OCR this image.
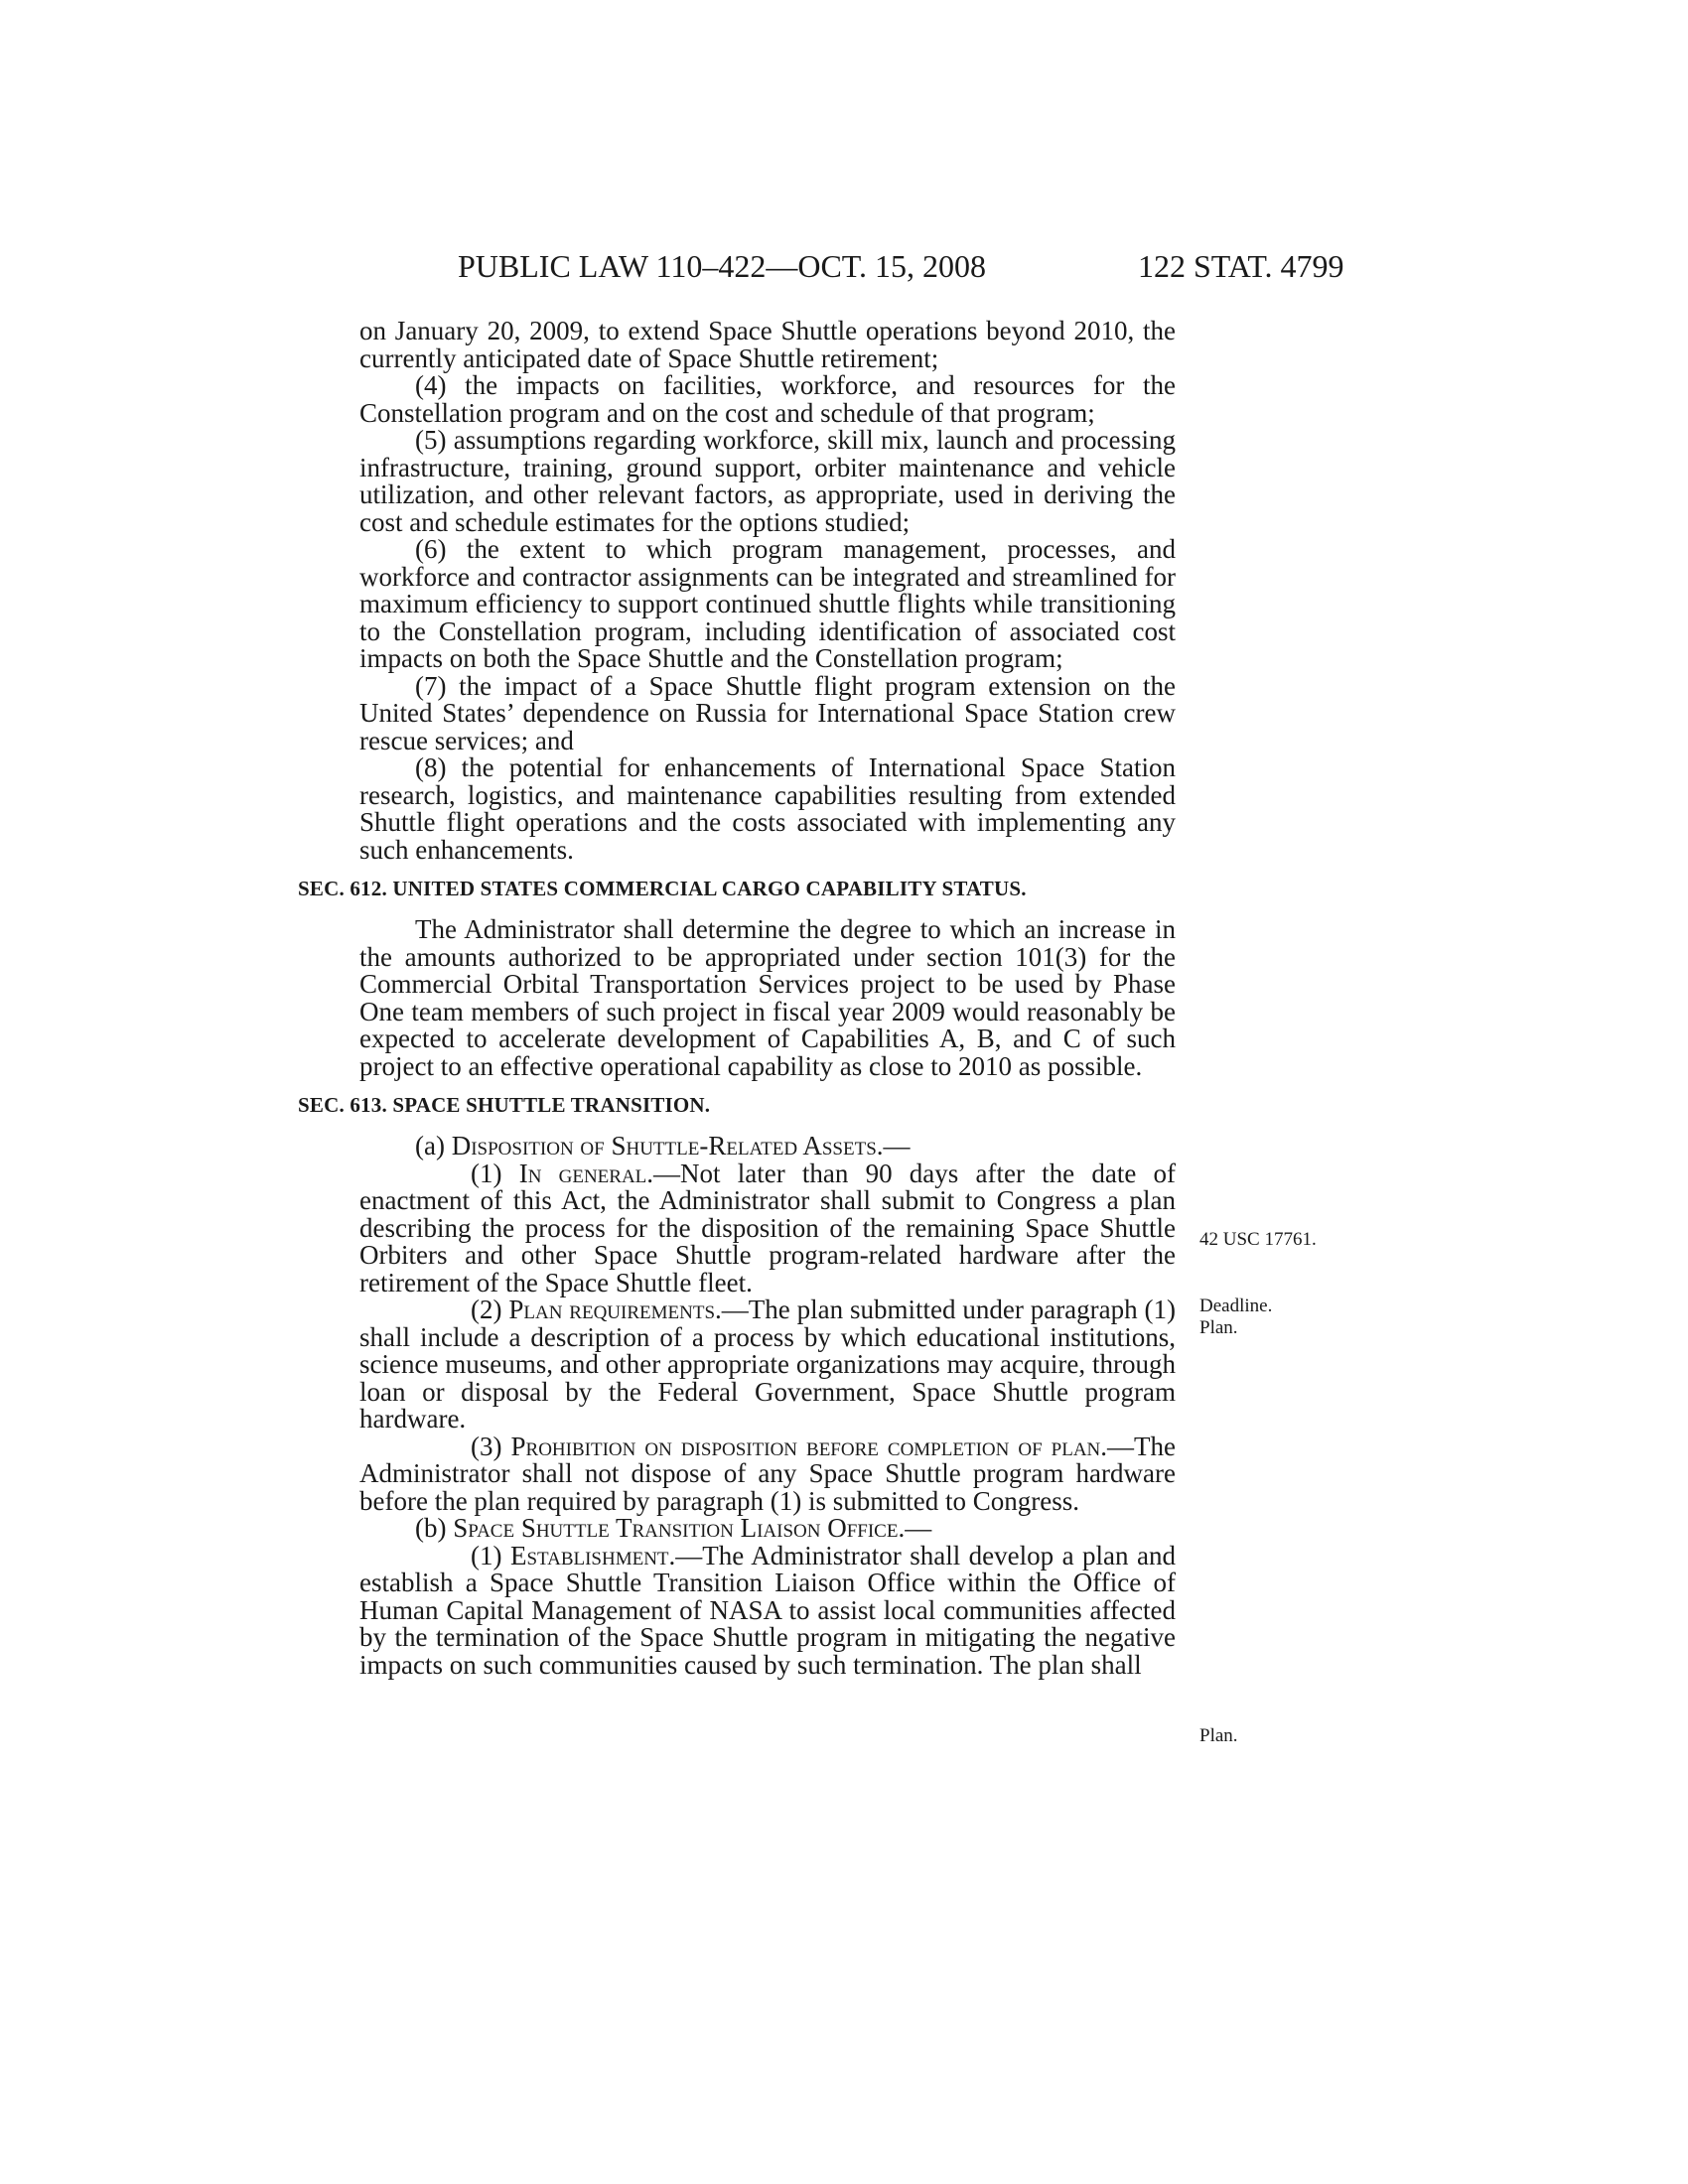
PUBLIC LAW 110–422—OCT. 15, 2008	122 STAT. 4799

on January 20, 2009, to extend Space Shuttle operations beyond 2010, the currently anticipated date of Space Shuttle retirement;

(4) the impacts on facilities, workforce, and resources for the Constellation program and on the cost and schedule of that program;

(5) assumptions regarding workforce, skill mix, launch and processing infrastructure, training, ground support, orbiter maintenance and vehicle utilization, and other relevant factors, as appropriate, used in deriving the cost and schedule estimates for the options studied;

(6) the extent to which program management, processes, and workforce and contractor assignments can be integrated and streamlined for maximum efficiency to support continued shuttle flights while transitioning to the Constellation program, including identification of associated cost impacts on both the Space Shuttle and the Constellation program;

(7) the impact of a Space Shuttle flight program extension on the United States’ dependence on Russia for International Space Station crew rescue services; and

(8) the potential for enhancements of International Space Station research, logistics, and maintenance capabilities resulting from extended Shuttle flight operations and the costs associated with implementing any such enhancements.

SEC. 612. UNITED STATES COMMERCIAL CARGO CAPABILITY STATUS.

The Administrator shall determine the degree to which an increase in the amounts authorized to be appropriated under section 101(3) for the Commercial Orbital Transportation Services project to be used by Phase One team members of such project in fiscal year 2009 would reasonably be expected to accelerate development of Capabilities A, B, and C of such project to an effective operational capability as close to 2010 as possible.

SEC. 613. SPACE SHUTTLE TRANSITION.

(a) Disposition of Shuttle-Related Assets.—

(1) In general.—Not later than 90 days after the date of enactment of this Act, the Administrator shall submit to Congress a plan describing the process for the disposition of the remaining Space Shuttle Orbiters and other Space Shuttle program-related hardware after the retirement of the Space Shuttle fleet.

(2) Plan requirements.—The plan submitted under paragraph (1) shall include a description of a process by which educational institutions, science museums, and other appropriate organizations may acquire, through loan or disposal by the Federal Government, Space Shuttle program hardware.

(3) Prohibition on disposition before completion of plan.—The Administrator shall not dispose of any Space Shuttle program hardware before the plan required by paragraph (1) is submitted to Congress.

(b) Space Shuttle Transition Liaison Office.—

(1) Establishment.—The Administrator shall develop a plan and establish a Space Shuttle Transition Liaison Office within the Office of Human Capital Management of NASA to assist local communities affected by the termination of the Space Shuttle program in mitigating the negative impacts on such communities caused by such termination. The plan shall

42 USC 17761.
Deadline.
Plan.
Plan.
